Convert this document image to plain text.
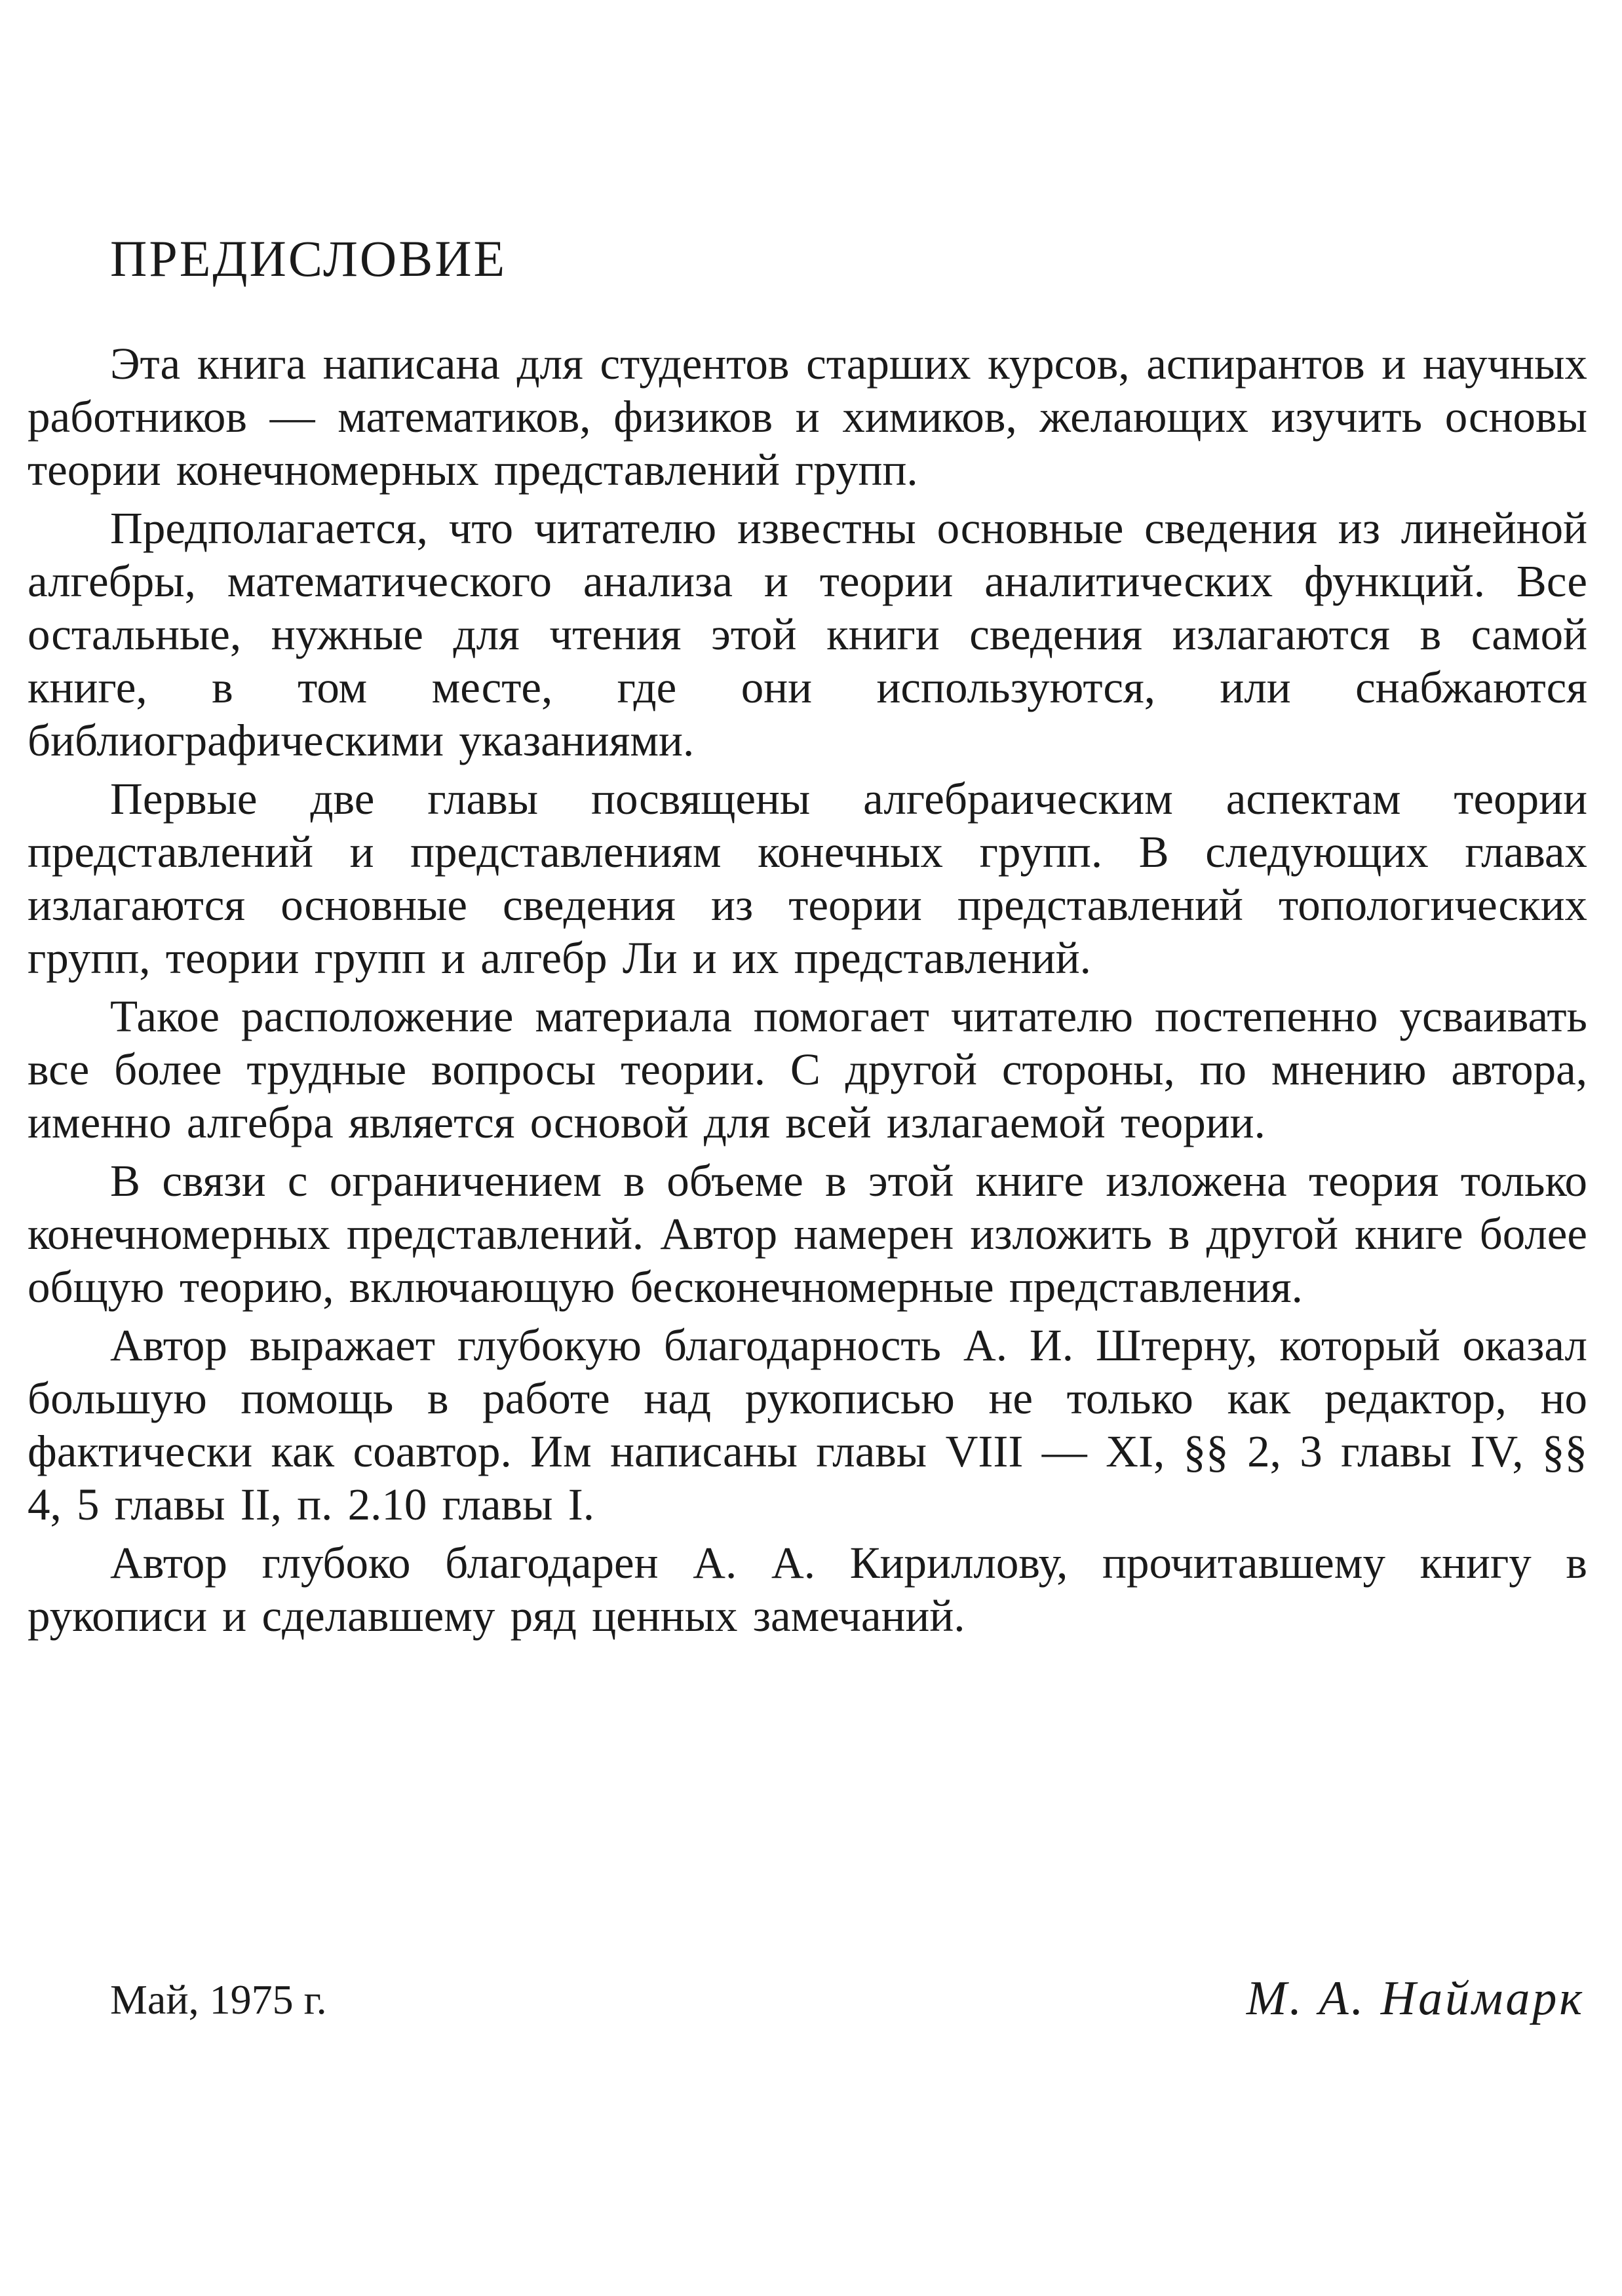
ПРЕДИСЛОВИЕ

Эта книга написана для студентов старших курсов, аспирантов и научных работников — математиков, физиков и химиков, желающих изучить основы теории конечномерных представлений групп.

Предполагается, что читателю известны основные сведения из линейной алгебры, математического анализа и теории аналитических функций. Все остальные, нужные для чтения этой книги сведения излагаются в самой книге, в том месте, где они используются, или снабжаются библиографическими указаниями.

Первые две главы посвящены алгебраическим аспектам теории представлений и представлениям конечных групп. В следующих главах излагаются основные сведения из теории представлений топологических групп, теории групп и алгебр Ли и их представлений.

Такое расположение материала помогает читателю постепенно усваивать все более трудные вопросы теории. С другой стороны, по мнению автора, именно алгебра является основой для всей излагаемой теории.

В связи с ограничением в объеме в этой книге изложена теория только конечномерных представлений. Автор намерен изложить в другой книге более общую теорию, включающую бесконечномерные представления.

Автор выражает глубокую благодарность А. И. Штерну, который оказал большую помощь в работе над рукописью не только как редактор, но фактически как соавтор. Им написаны главы VIII — XI, §§ 2, 3 главы IV, §§ 4, 5 главы II, п. 2.10 главы I.

Автор глубоко благодарен А. А. Кириллову, прочитавшему книгу в рукописи и сделавшему ряд ценных замечаний.

Май, 1975 г.	М. А. Наймарк
